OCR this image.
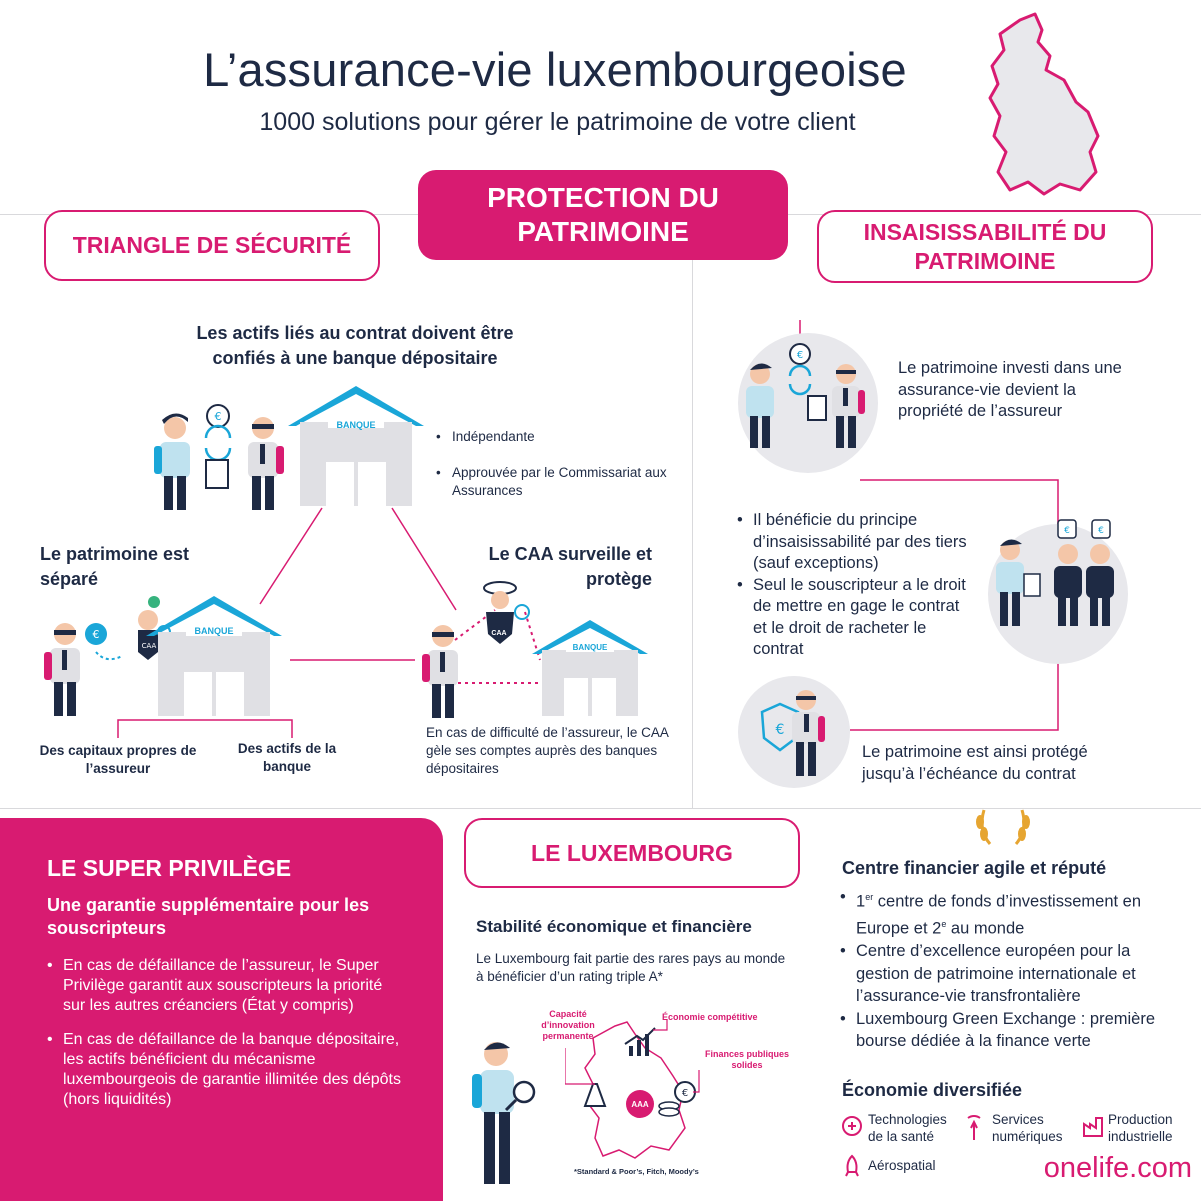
L’assurance-vie luxembourgeoise
1000 solutions pour gérer le patrimoine de votre client
PROTECTION DU PATRIMOINE
TRIANGLE DE SÉCURITÉ
Les actifs liés au contrat doivent être confiés à une banque dépositaire
BANQUE
€
• Indépendante
• Approuvée par le Commissariat aux Assurances
Le patrimoine est séparé
€
CAA
BANQUE
Des capitaux propres de l’assureur
Des actifs de la banque
Le CAA surveille et protège
CAA
BANQUE
En cas de difficulté de l’assureur, le CAA gèle ses comptes auprès des banques dépositaires
INSAISISSABILITÉ DU PATRIMOINE
€
Le patrimoine investi dans une assurance-vie devient la propriété de l’assureur
• Il bénéficie du principe d’insaisissabilité par des tiers (sauf exceptions)
• Seul le souscripteur a le droit de mettre en gage le contrat et le droit de racheter le contrat
€	€
€
Le patrimoine est ainsi protégé jusqu’à l’échéance du contrat
LE SUPER PRIVILÈGE
Une garantie supplémentaire pour les souscripteurs
• En cas de défaillance de l’assureur, le Super Privilège garantit aux souscripteurs la priorité sur les autres créanciers (État y compris)
• En cas de défaillance de la banque dépositaire, les actifs bénéficient du mécanisme luxembourgeois de garantie illimitée des dépôts (hors liquidités)
LE LUXEMBOURG
Stabilité économique et financière
Le Luxembourg fait partie des rares pays au monde à bénéficier d’un rating triple A*
€
AAA
Capacité d’innovation permanente
Économie compétitive
Finances publiques solides
*Standard & Poor’s, Fitch, Moody’s
Centre financier agile et réputé
• 1er centre de fonds d’investissement en Europe et 2e au monde
• Centre d’excellence européen pour la gestion de patrimoine internationale et l’assurance-vie transfrontalière
• Luxembourg Green Exchange : première bourse dédiée à la finance verte
Économie diversifiée
Technologies de la santé
Services numériques
Production industrielle
Aérospatial	onelife.com
